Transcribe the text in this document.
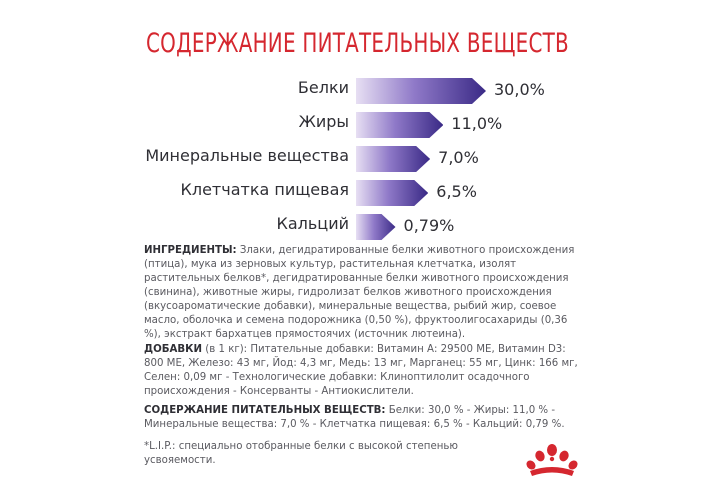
СОДЕРЖАНИЕ ПИТАТЕЛЬНЫХ ВЕЩЕСТВ
Белки	30,0%
Жиры	11,0%
Минеральные вещества	7,0%
Клетчатка пищевая	6,5%
Кальций	0,79%
ИНГРЕДИЕНТЫ: Злаки, дегидратированные белки животного происхождения (птица), мука из зерновых культур, растительная клетчатка, изолят растительных белков*, дегидратированные белки животного происхождения (свинина), животные жиры, гидролизат белков животного происхождения (вкусоароматические добавки), минеральные вещества, рыбий жир, соевое масло, оболочка и семена подорожника (0,50 %), фруктоолигосахариды (0,36 %), экстракт бархатцев прямостоячих (источник лютеина).
ДОБАВКИ (в 1 кг): Питательные добавки: Витамин А: 29500 МЕ, Витамин D3: 800 МЕ, Железо: 43 мг, Йод: 4,3 мг, Медь: 13 мг, Марганец: 55 мг, Цинк: 166 мг, Селен: 0,09 мг - Технологические добавки: Клиноптилолит осадочного происхождения - Консерванты - Антиокислители.
СОДЕРЖАНИЕ ПИТАТЕЛЬНЫХ ВЕЩЕСТВ: Белки: 30,0 % - Жиры: 11,0 % - Минеральные вещества: 7,0 % - Клетчатка пищевая: 6,5 % - Кальций: 0,79 %.
*L.I.P.: специально отобранные белки с высокой степенью усвояемости.
